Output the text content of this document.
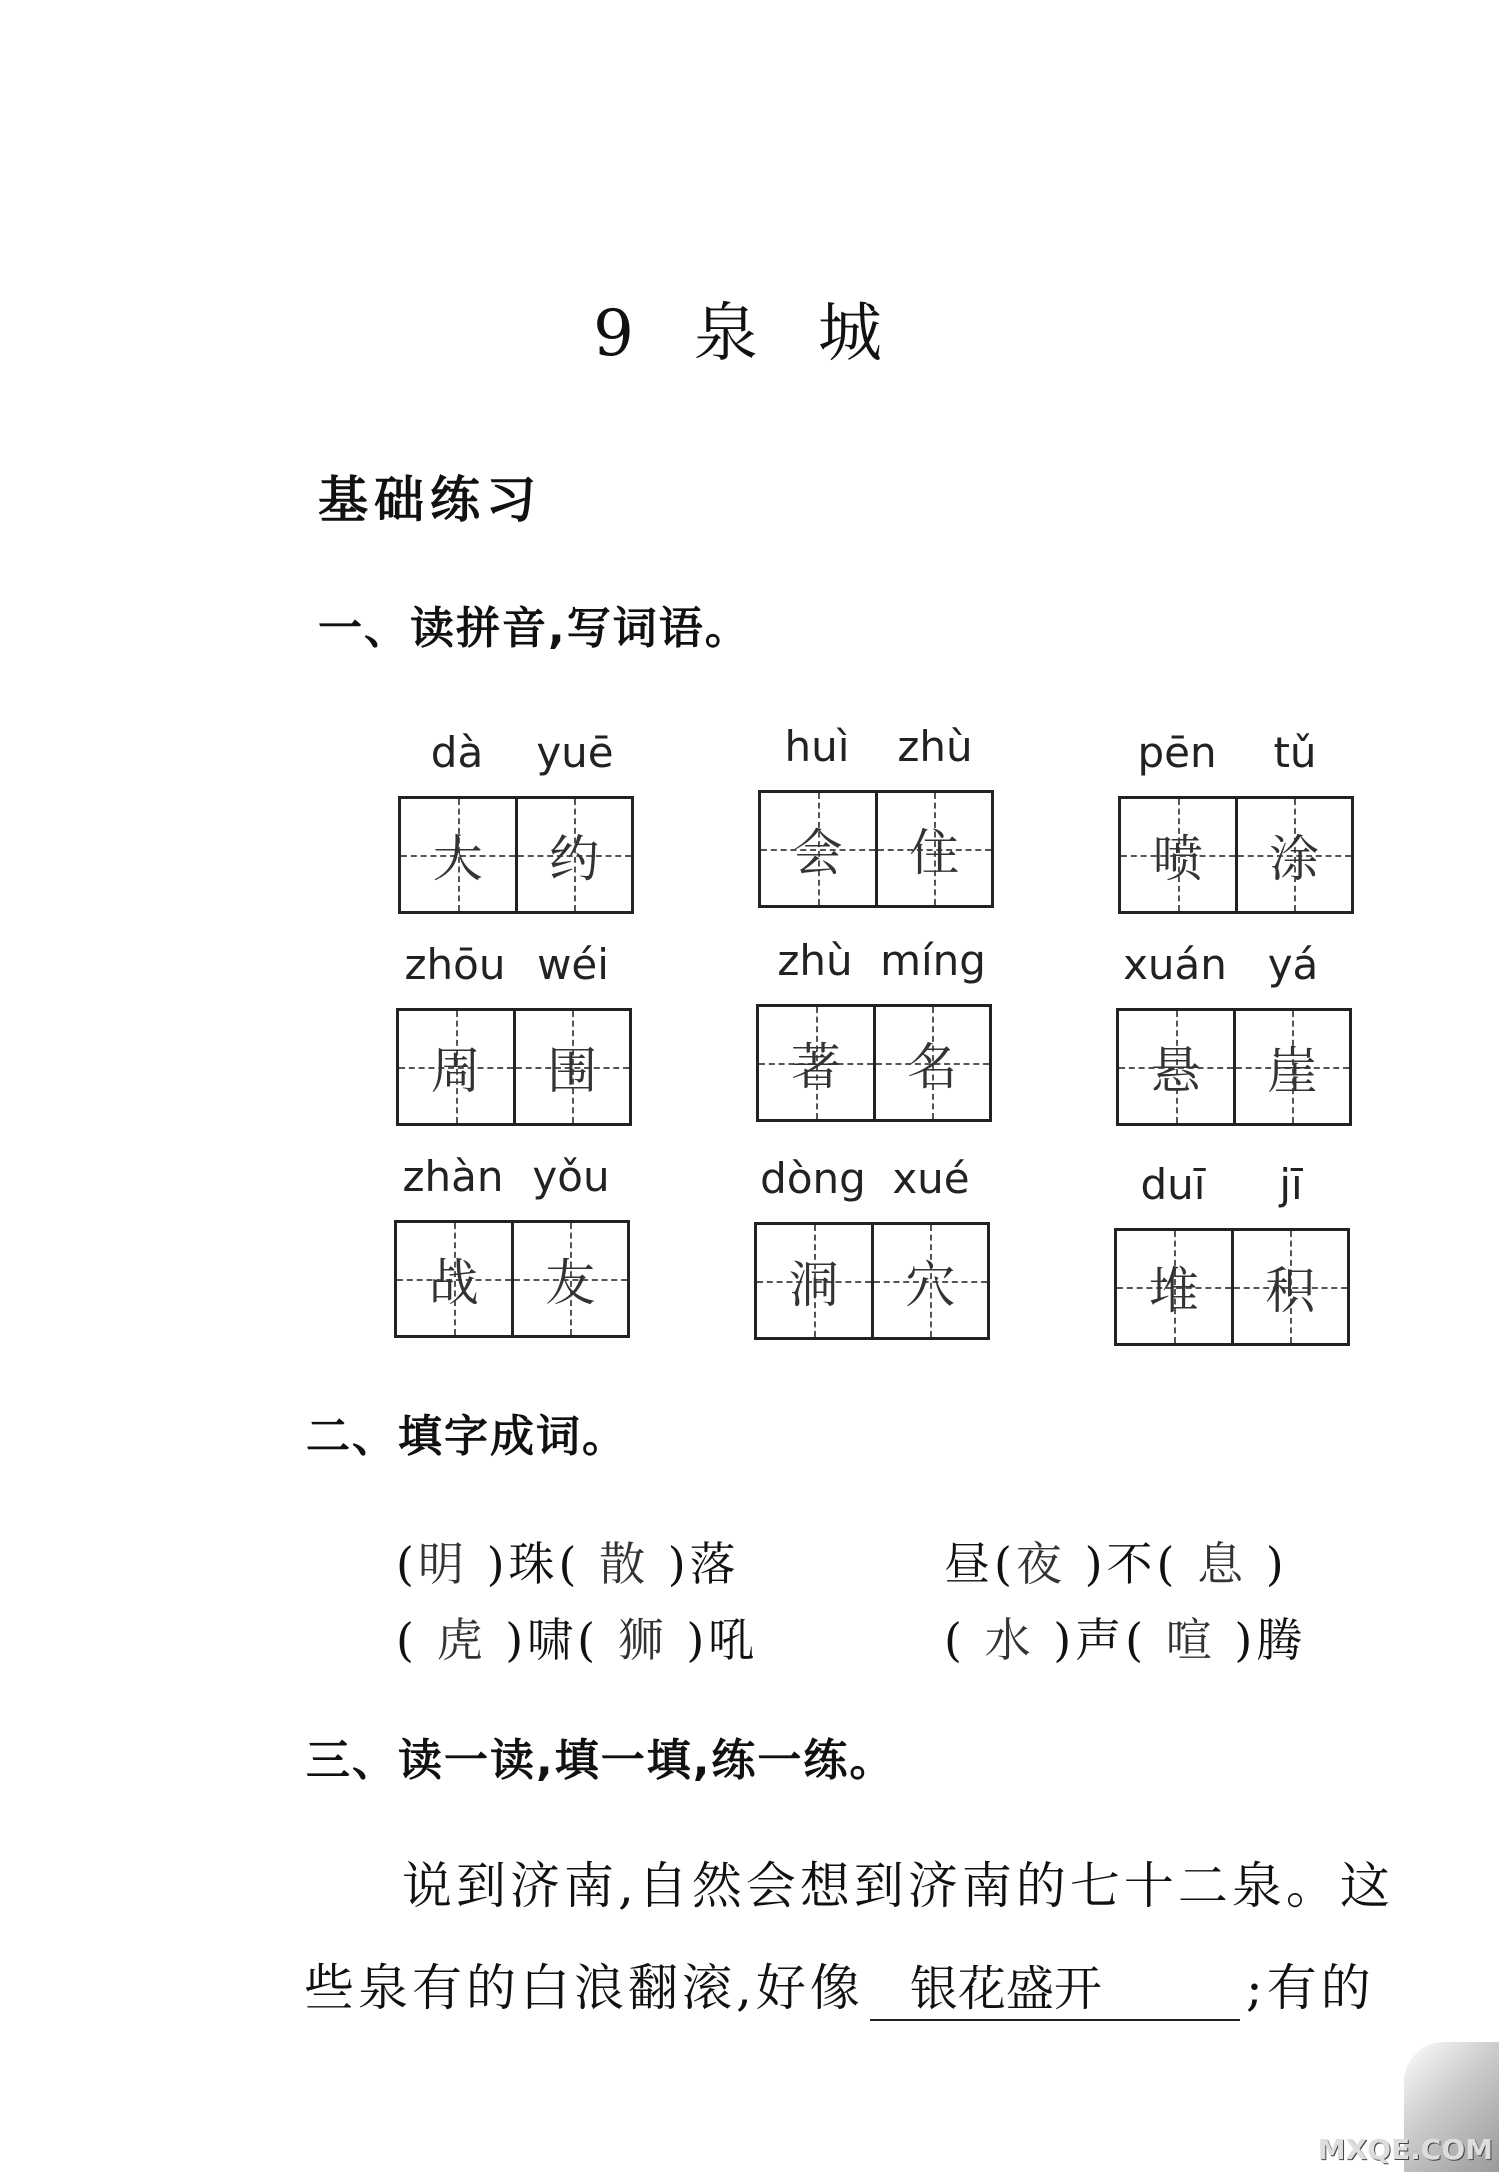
9 泉 城
基础练习
一、读拼音,写词语。
dà	yuē
大	约
huì	zhù
会	住
pēn	tǔ
喷	涂
zhōu wéi
周	围
zhù míng
著	名
xuán yá
悬	崖
zhàn yǒu
战	友
dòng xué
洞	穴
duī	jī
堆	积
二、填字成词。
(明 )珠( 散 )落	昼(夜 )不( 息 )
( 虎 )啸( 狮 )吼	( 水 )声( 喧 )腾
三、读一读,填一填,练一练。
说到济南,自然会想到济南的七十二泉。这
些泉有的白浪翻滚,好像 银花盛开	;有的
MXQE.COM
